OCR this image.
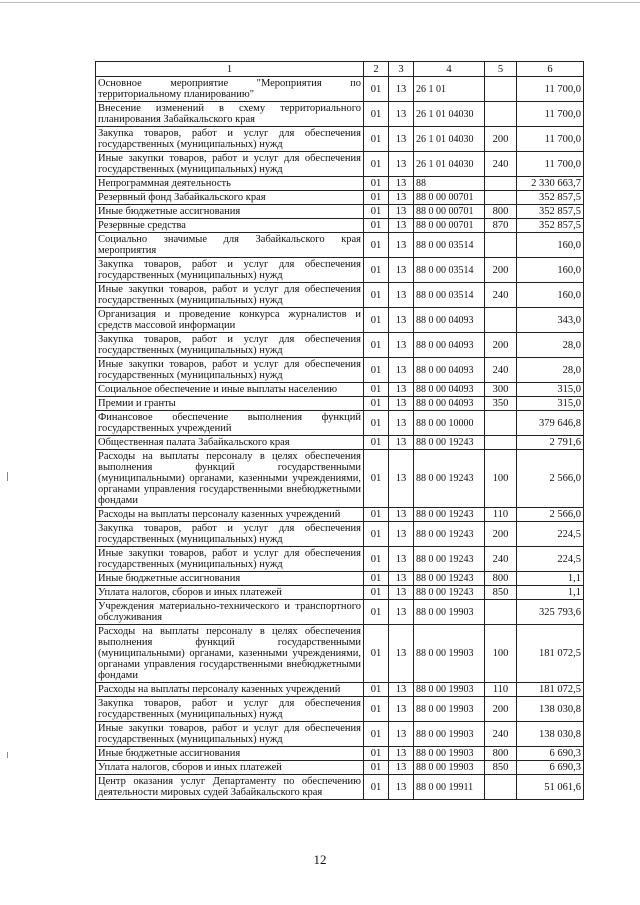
1	2	3	4	5	6
Основное мероприятие "Мероприятия по территориальному планированию"	01	13	26 1 01		11 700,0
Внесение изменений в схему территориального планирования Забайкальского края	01	13	26 1 01 04030		11 700,0
Закупка товаров, работ и услуг для обеспечения государственных (муниципальных) нужд	01	13	26 1 01 04030	200	11 700,0
Иные закупки товаров, работ и услуг для обеспечения государственных (муниципальных) нужд	01	13	26 1 01 04030	240	11 700,0
Непрограммная деятельность	01	13	88		2 330 663,7
Резервный фонд Забайкальского края	01	13	88 0 00 00701		352 857,5
Иные бюджетные ассигнования	01	13	88 0 00 00701	800	352 857,5
Резервные средства	01	13	88 0 00 00701	870	352 857,5
Социально значимые для Забайкальского края мероприятия	01	13	88 0 00 03514		160,0
Закупка товаров, работ и услуг для обеспечения государственных (муниципальных) нужд	01	13	88 0 00 03514	200	160,0
Иные закупки товаров, работ и услуг для обеспечения государственных (муниципальных) нужд	01	13	88 0 00 03514	240	160,0
Организация и проведение конкурса журналистов и средств массовой информации	01	13	88 0 00 04093		343,0
Закупка товаров, работ и услуг для обеспечения государственных (муниципальных) нужд	01	13	88 0 00 04093	200	28,0
Иные закупки товаров, работ и услуг для обеспечения государственных (муниципальных) нужд	01	13	88 0 00 04093	240	28,0
Социальное обеспечение и иные выплаты населению	01	13	88 0 00 04093	300	315,0
Премии и гранты	01	13	88 0 00 04093	350	315,0
Финансовое обеспечение выполнения функций государственных учреждений	01	13	88 0 00 10000		379 646,8
Общественная палата Забайкальского края	01	13	88 0 00 19243		2 791,6
Расходы на выплаты персоналу в целях обеспечения выполнения функций государственными (муниципальными) органами, казенными учреждениями, органами управления государственными внебюджетными фондами	01	13	88 0 00 19243	100	2 566,0
Расходы на выплаты персоналу казенных учреждений	01	13	88 0 00 19243	110	2 566,0
Закупка товаров, работ и услуг для обеспечения государственных (муниципальных) нужд	01	13	88 0 00 19243	200	224,5
Иные закупки товаров, работ и услуг для обеспечения государственных (муниципальных) нужд	01	13	88 0 00 19243	240	224,5
Иные бюджетные ассигнования	01	13	88 0 00 19243	800	1,1
Уплата налогов, сборов и иных платежей	01	13	88 0 00 19243	850	1,1
Учреждения материально-технического и транспортного обслуживания	01	13	88 0 00 19903		325 793,6
Расходы на выплаты персоналу в целях обеспечения выполнения функций государственными (муниципальными) органами, казенными учреждениями, органами управления государственными внебюджетными фондами	01	13	88 0 00 19903	100	181 072,5
Расходы на выплаты персоналу казенных учреждений	01	13	88 0 00 19903	110	181 072,5
Закупка товаров, работ и услуг для обеспечения государственных (муниципальных) нужд	01	13	88 0 00 19903	200	138 030,8
Иные закупки товаров, работ и услуг для обеспечения государственных (муниципальных) нужд	01	13	88 0 00 19903	240	138 030,8
Иные бюджетные ассигнования	01	13	88 0 00 19903	800	6 690,3
Уплата налогов, сборов и иных платежей	01	13	88 0 00 19903	850	6 690,3
Центр оказания услуг Департаменту по обеспечению деятельности мировых судей Забайкальского края	01	13	88 0 00 19911		51 061,6
12
